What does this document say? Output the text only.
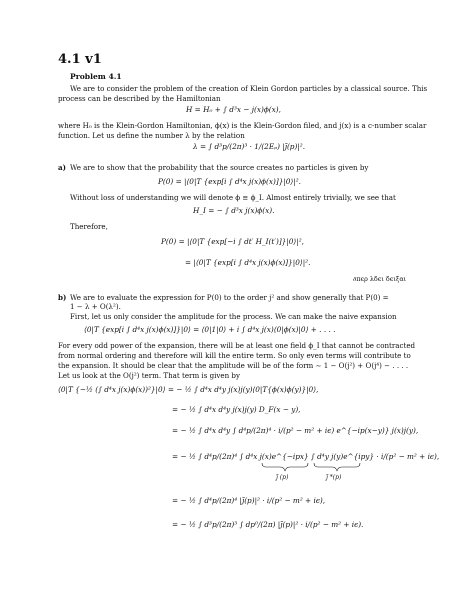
4.1 v1
Problem 4.1
We are to consider the problem of the creation of Klein Gordon particles by a classical source. This
process can be described by the Hamiltonian
H = H₀ + ∫ d³x − j(x)ϕ(x),
where H₀ is the Klein-Gordon Hamiltonian, ϕ(x) is the Klein-Gordon filed, and j(x) is a c-number scalar
function. Let us define the number λ by the relation
λ = ∫ d³p/(2π)³ · 1/(2Eₚ) |j̃(p)|².
a) We are to show that the probability that the source creates no particles is given by
P(0) = |⟨0|T {exp[i ∫ d⁴x j(x)ϕ(x)]}|0⟩|².
Without loss of understanding we will denote ϕ ≡ ϕ_I. Almost entirely trivially, we see that
H_I = − ∫ d³x j(x)ϕ(x).
Therefore,
P(0) = |⟨0|T {exp[−i ∫ dt′ H_I(t′)]}|0⟩|²,
= |⟨0|T {exp[i ∫ d⁴x j(x)ϕ(x)]}|0⟩|².
∂πϵρ λδϵι δϵιξαι
b) We are to evaluate the expression for P(0) to the order j² and show generally that P(0) =
1 − λ + O(λ²).
First, let us only consider the amplitude for the process. We can make the naive expansion
⟨0|T {exp[i ∫ d⁴x j(x)ϕ(x)]}|0⟩ = ⟨0|1|0⟩ + i ∫ d⁴x j(x)⟨0|ϕ(x)|0⟩ + . . . .
For every odd power of the expansion, there will be at least one field ϕ_I that cannot be contracted
from normal ordering and therefore will kill the entire term. So only even terms will contribute to
the expansion. It should be clear that the amplitude will be of the form ∼ 1 − O(j²) + O(j⁴) − . . . .
Let us look at the O(j²) term. That term is given by
⟨0|T {−½ (∫ d⁴x j(x)ϕ(x))²}|0⟩ = − ½ ∫ d⁴x d⁴y j(x)j(y)⟨0|T{ϕ(x)ϕ(y)}|0⟩,
= − ½ ∫ d⁴x d⁴y j(x)j(y) D_F(x − y),
= − ½ ∫ d⁴x d⁴y ∫ d⁴p/(2π)⁴ · i/(p² − m² + iϵ) e^{−ip(x−y)} j(x)j(y),
= − ½ ∫ d⁴p/(2π)⁴ ∫ d⁴x j(x)e^{−ipx} ∫ d⁴y j(y)e^{ipy} · i/(p² − m² + iϵ),
j̃ (p)	j̃ *(p)
= − ½ ∫ d⁴p/(2π)⁴ |j̃(p)|² · i/(p² − m² + iϵ),
= − ½ ∫ d³p/(2π)³ ∫ dp⁰/(2π) |j̃(p)|² · i/(p² − m² + iϵ).
